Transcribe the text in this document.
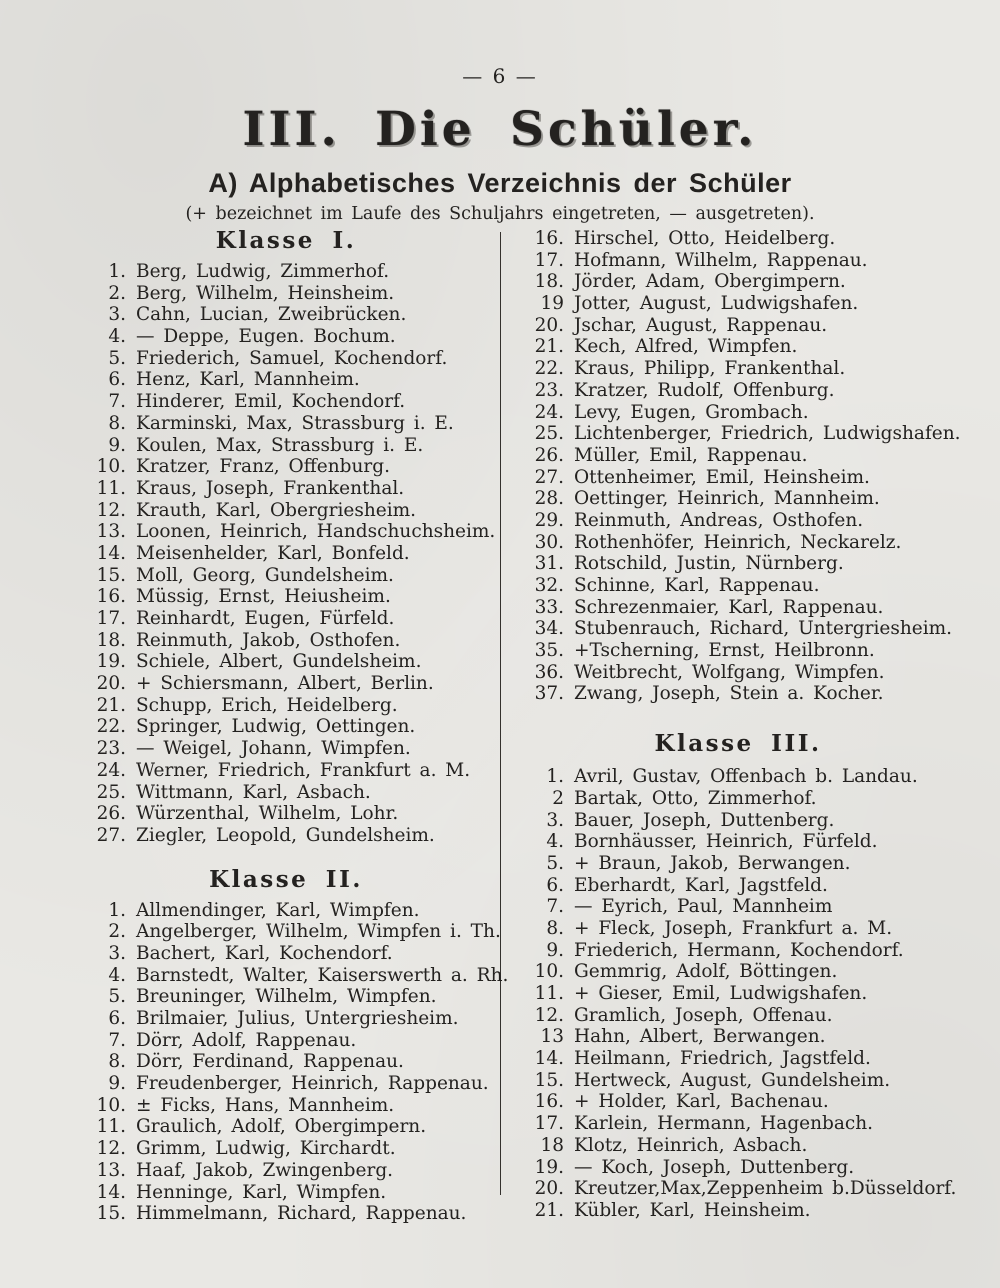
— 6 —
III. Die Schüler.
A) Alphabetisches Verzeichnis der Schüler
(+ bezeichnet im Laufe des Schuljahrs eingetreten, — ausgetreten).
Klasse I.
1. Berg, Ludwig, Zimmerhof.
2. Berg, Wilhelm, Heinsheim.
3. Cahn, Lucian, Zweibrücken.
4. — Deppe, Eugen. Bochum.
5. Friederich, Samuel, Kochendorf.
6. Henz, Karl, Mannheim.
7. Hinderer, Emil, Kochendorf.
8. Karminski, Max, Strassburg i. E.
9. Koulen, Max, Strassburg i. E.
10. Kratzer, Franz, Offenburg.
11. Kraus, Joseph, Frankenthal.
12. Krauth, Karl, Obergriesheim.
13. Loonen, Heinrich, Handschuchsheim.
14. Meisenhelder, Karl, Bonfeld.
15. Moll, Georg, Gundelsheim.
16. Müssig, Ernst, Heiusheim.
17. Reinhardt, Eugen, Fürfeld.
18. Reinmuth, Jakob, Osthofen.
19. Schiele, Albert, Gundelsheim.
20. + Schiersmann, Albert, Berlin.
21. Schupp, Erich, Heidelberg.
22. Springer, Ludwig, Oettingen.
23. — Weigel, Johann, Wimpfen.
24. Werner, Friedrich, Frankfurt a. M.
25. Wittmann, Karl, Asbach.
26. Würzenthal, Wilhelm, Lohr.
27. Ziegler, Leopold, Gundelsheim.
Klasse II.
1. Allmendinger, Karl, Wimpfen.
2. Angelberger, Wilhelm, Wimpfen i. Th.
3. Bachert, Karl, Kochendorf.
4. Barnstedt, Walter, Kaiserswerth a. Rh.
5. Breuninger, Wilhelm, Wimpfen.
6. Brilmaier, Julius, Untergriesheim.
7. Dörr, Adolf, Rappenau.
8. Dörr, Ferdinand, Rappenau.
9. Freudenberger, Heinrich, Rappenau.
10. ± Ficks, Hans, Mannheim.
11. Graulich, Adolf, Obergimpern.
12. Grimm, Ludwig, Kirchardt.
13. Haaf, Jakob, Zwingenberg.
14. Henninge, Karl, Wimpfen.
15. Himmelmann, Richard, Rappenau.
16. Hirschel, Otto, Heidelberg.
17. Hofmann, Wilhelm, Rappenau.
18. Jörder, Adam, Obergimpern.
19 Jotter, August, Ludwigshafen.
20. Jschar, August, Rappenau.
21. Kech, Alfred, Wimpfen.
22. Kraus, Philipp, Frankenthal.
23. Kratzer, Rudolf, Offenburg.
24. Levy, Eugen, Grombach.
25. Lichtenberger, Friedrich, Ludwigshafen.
26. Müller, Emil, Rappenau.
27. Ottenheimer, Emil, Heinsheim.
28. Oettinger, Heinrich, Mannheim.
29. Reinmuth, Andreas, Osthofen.
30. Rothenhöfer, Heinrich, Neckarelz.
31. Rotschild, Justin, Nürnberg.
32. Schinne, Karl, Rappenau.
33. Schrezenmaier, Karl, Rappenau.
34. Stubenrauch, Richard, Untergriesheim.
35. +Tscherning, Ernst, Heilbronn.
36. Weitbrecht, Wolfgang, Wimpfen.
37. Zwang, Joseph, Stein a. Kocher.
Klasse III.
1. Avril, Gustav, Offenbach b. Landau.
2 Bartak, Otto, Zimmerhof.
3. Bauer, Joseph, Duttenberg.
4. Bornhäusser, Heinrich, Fürfeld.
5. + Braun, Jakob, Berwangen.
6. Eberhardt, Karl, Jagstfeld.
7. — Eyrich, Paul, Mannheim
8. + Fleck, Joseph, Frankfurt a. M.
9. Friederich, Hermann, Kochendorf.
10. Gemmrig, Adolf, Böttingen.
11. + Gieser, Emil, Ludwigshafen.
12. Gramlich, Joseph, Offenau.
13 Hahn, Albert, Berwangen.
14. Heilmann, Friedrich, Jagstfeld.
15. Hertweck, August, Gundelsheim.
16. + Holder, Karl, Bachenau.
17. Karlein, Hermann, Hagenbach.
18 Klotz, Heinrich, Asbach.
19. — Koch, Joseph, Duttenberg.
20. Kreutzer,Max,Zeppenheim b.Düsseldorf.
21. Kübler, Karl, Heinsheim.
